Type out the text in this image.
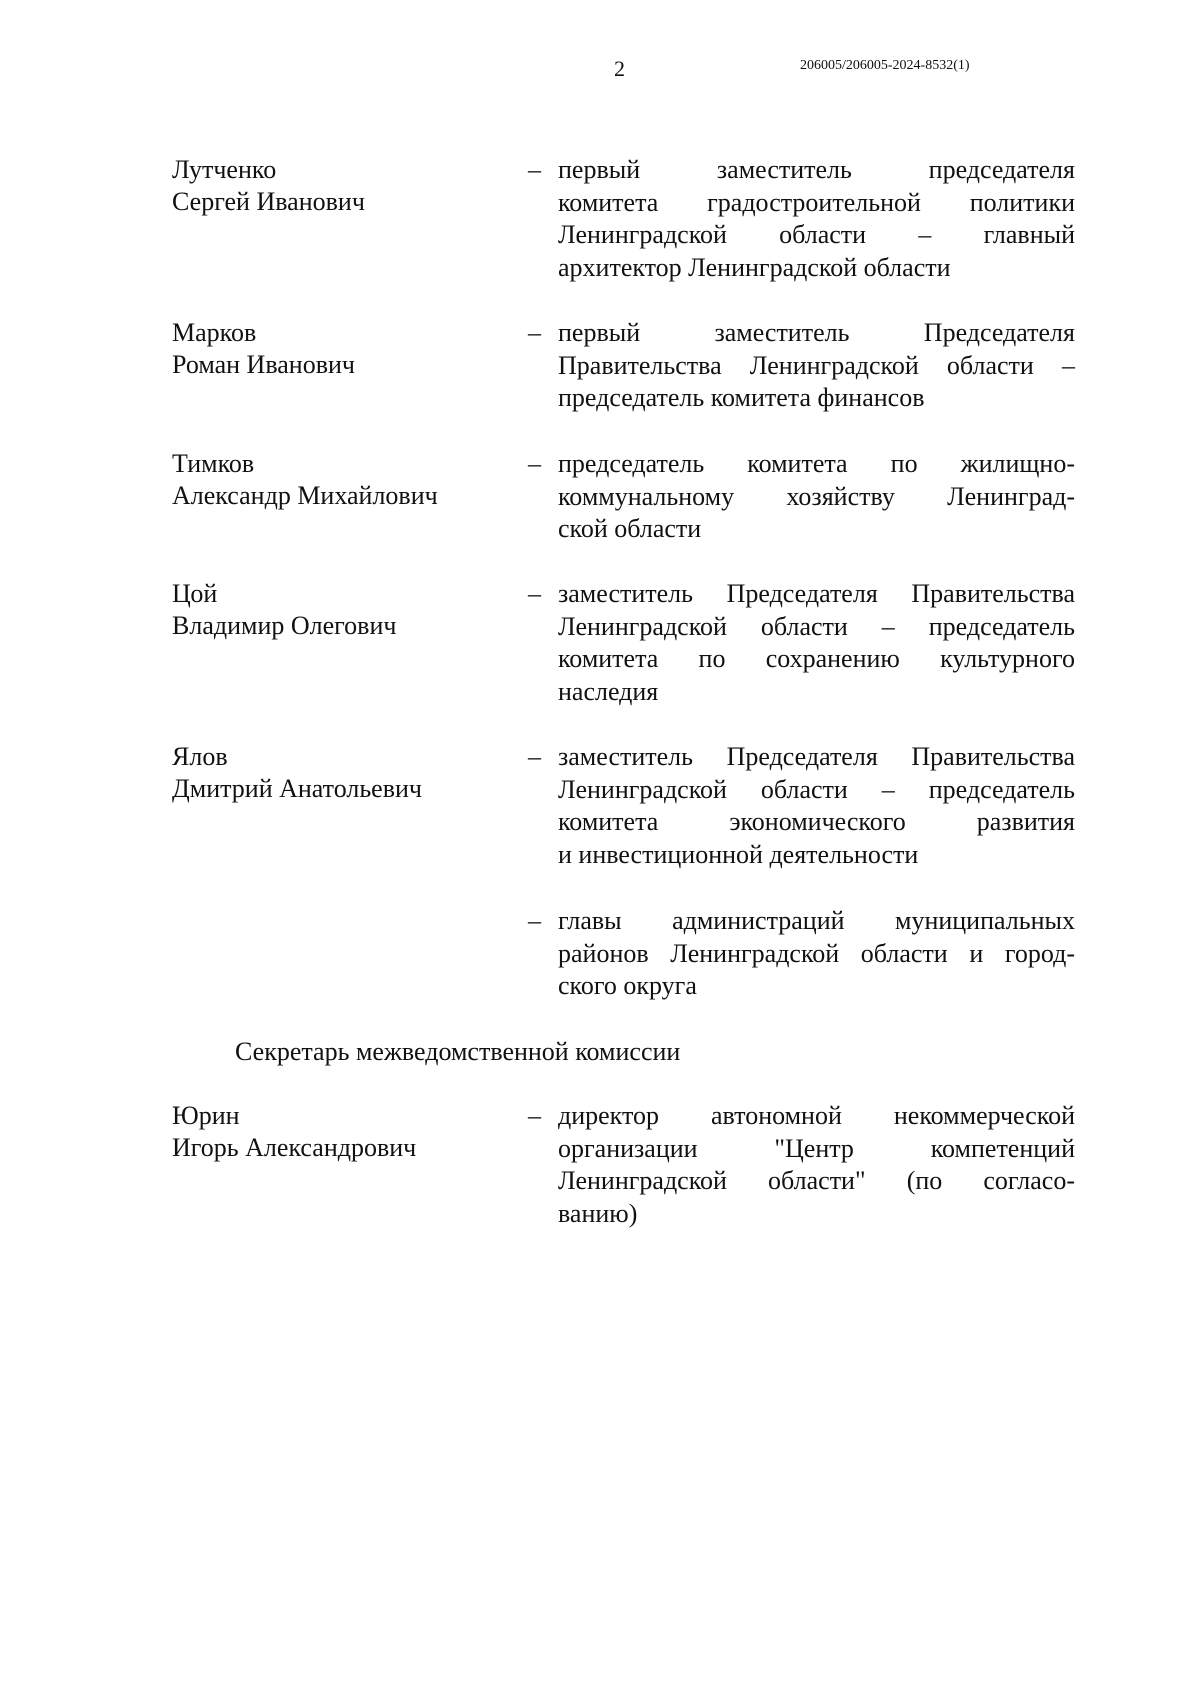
2	206005/206005-2024-8532(1)
Лутченко
Сергей Иванович
– первый заместитель председателя
комитета градостроительной политики
Ленинградской области – главный
архитектор Ленинградской области
Марков
Роман Иванович
– первый заместитель Председателя
Правительства Ленинградской области –
председатель комитета финансов
Тимков
Александр Михайлович
– председатель комитета по жилищно-
коммунальному хозяйству Ленинград-
ской области
Цой
Владимир Олегович
– заместитель Председателя Правительства
Ленинградской области – председатель
комитета по сохранению культурного
наследия
Ялов
Дмитрий Анатольевич
– заместитель Председателя Правительства
Ленинградской области – председатель
комитета экономического развития
и инвестиционной деятельности
– главы администраций муниципальных
районов Ленинградской области и город-
ского округа
Секретарь межведомственной комиссии
Юрин
Игорь Александрович
– директор автономной некоммерческой
организации "Центр компетенций
Ленинградской области" (по согласо-
ванию)
